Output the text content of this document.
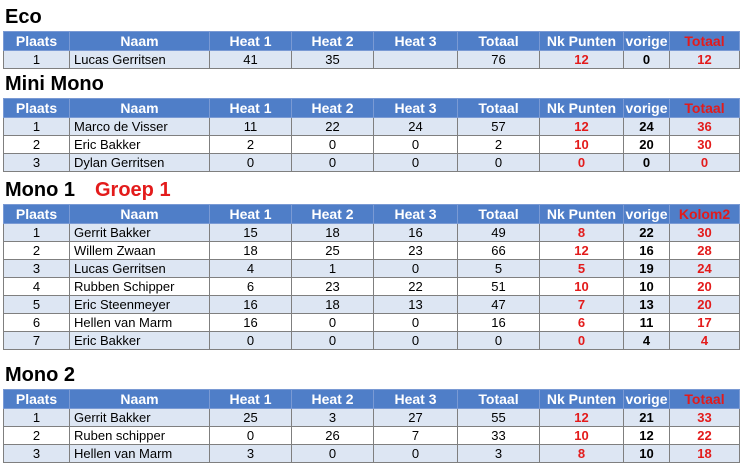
Eco
Plaats	Naam	Heat 1	Heat 2	Heat 3	Totaal	Nk Punten	vorige	Totaal
1	Lucas Gerritsen	41	35		76	12	0	12
Mini Mono
Plaats	Naam	Heat 1	Heat 2	Heat 3	Totaal	Nk Punten	vorige	Totaal
1	Marco de Visser	11	22	24	57	12	24	36
2	Eric Bakker	2	0	0	2	10	20	30
3	Dylan Gerritsen	0	0	0	0	0	0	0
Mono 1 Groep 1
Plaats	Naam	Heat 1	Heat 2	Heat 3	Totaal	Nk Punten	vorige	Kolom2
1	Gerrit Bakker	15	18	16	49	8	22	30
2	Willem Zwaan	18	25	23	66	12	16	28
3	Lucas Gerritsen	4	1	0	5	5	19	24
4	Rubben Schipper	6	23	22	51	10	10	20
5	Eric Steenmeyer	16	18	13	47	7	13	20
6	Hellen van Marm	16	0	0	16	6	11	17
7	Eric Bakker	0	0	0	0	0	4	4
Mono 2
Plaats	Naam	Heat 1	Heat 2	Heat 3	Totaal	Nk Punten	vorige	Totaal
1	Gerrit Bakker	25	3	27	55	12	21	33
2	Ruben schipper	0	26	7	33	10	12	22
3	Hellen van Marm	3	0	0	3	8	10	18
